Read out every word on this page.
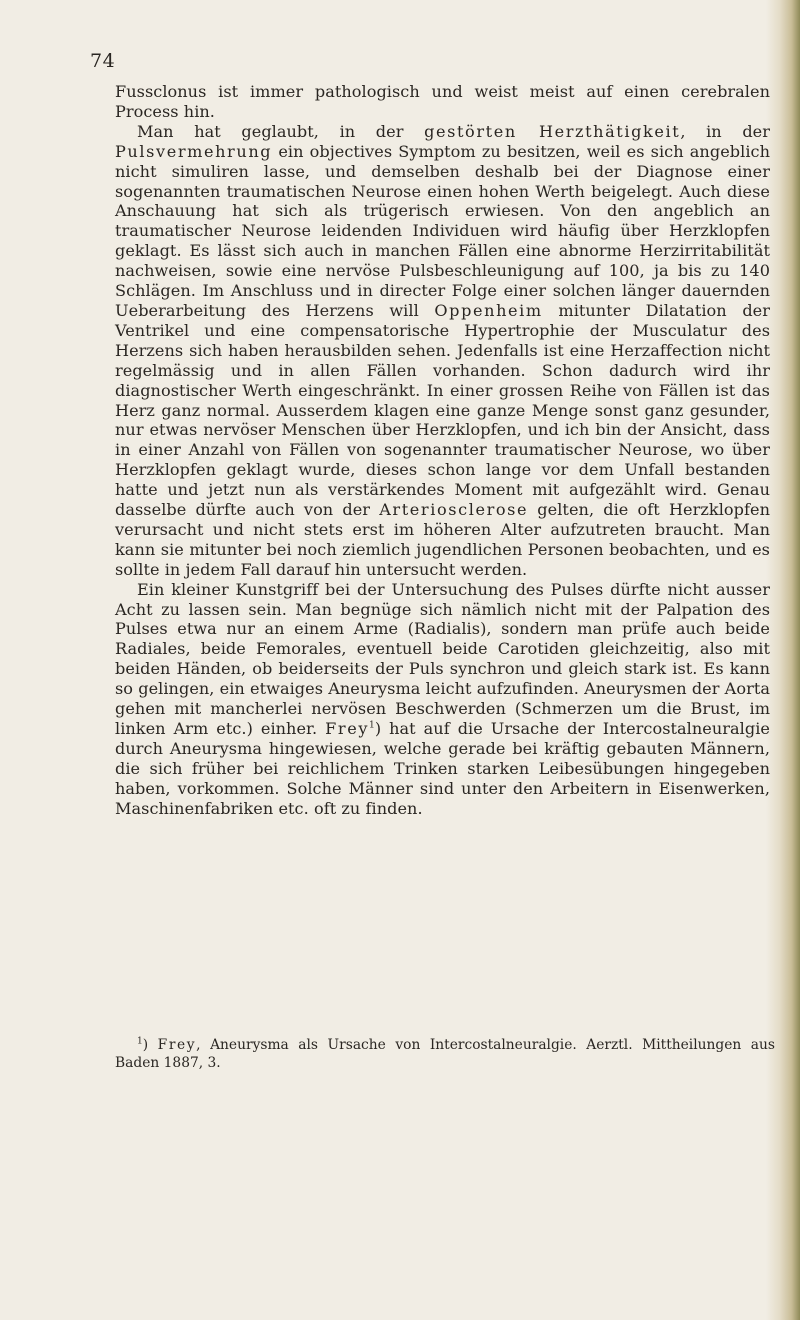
74

Fussclonus ist immer pathologisch und weist meist auf einen cerebralen Process hin.

Man hat geglaubt, in der gestörten Herzthätigkeit, in der Pulsvermehrung ein objectives Symptom zu besitzen, weil es sich angeblich nicht simuliren lasse, und demselben deshalb bei der Diagnose einer sogenannten traumatischen Neurose einen hohen Werth beigelegt. Auch diese Anschauung hat sich als trügerisch erwiesen. Von den angeblich an traumatischer Neurose leidenden Individuen wird häufig über Herzklopfen geklagt. Es lässt sich auch in manchen Fällen eine abnorme Herzirritabilität nachweisen, sowie eine nervöse Pulsbeschleunigung auf 100, ja bis zu 140 Schlägen. Im Anschluss und in directer Folge einer solchen länger dauernden Ueberarbeitung des Herzens will Oppenheim mitunter Dilatation der Ventrikel und eine compensatorische Hypertrophie der Musculatur des Herzens sich haben herausbilden sehen. Jedenfalls ist eine Herzaffection nicht regelmässig und in allen Fällen vorhanden. Schon dadurch wird ihr diagnostischer Werth eingeschränkt. In einer grossen Reihe von Fällen ist das Herz ganz normal. Ausserdem klagen eine ganze Menge sonst ganz gesunder, nur etwas nervöser Menschen über Herzklopfen, und ich bin der Ansicht, dass in einer Anzahl von Fällen von sogenannter traumatischer Neurose, wo über Herzklopfen geklagt wurde, dieses schon lange vor dem Unfall bestanden hatte und jetzt nun als verstärkendes Moment mit aufgezählt wird. Genau dasselbe dürfte auch von der Arteriosclerose gelten, die oft Herzklopfen verursacht und nicht stets erst im höheren Alter aufzutreten braucht. Man kann sie mitunter bei noch ziemlich jugendlichen Personen beobachten, und es sollte in jedem Fall darauf hin untersucht werden.

Ein kleiner Kunstgriff bei der Untersuchung des Pulses dürfte nicht ausser Acht zu lassen sein. Man begnüge sich nämlich nicht mit der Palpation des Pulses etwa nur an einem Arme (Radialis), sondern man prüfe auch beide Radiales, beide Femorales, eventuell beide Carotiden gleichzeitig, also mit beiden Händen, ob beiderseits der Puls synchron und gleich stark ist. Es kann so gelingen, ein etwaiges Aneurysma leicht aufzufinden. Aneurysmen der Aorta gehen mit mancherlei nervösen Beschwerden (Schmerzen um die Brust, im linken Arm etc.) einher. Frey$^1$) hat auf die Ursache der Intercostalneuralgie durch Aneurysma hingewiesen, welche gerade bei kräftig gebauten Männern, die sich früher bei reichlichem Trinken starken Leibesübungen hingegeben haben, vorkommen. Solche Männer sind unter den Arbeitern in Eisenwerken, Maschinenfabriken etc. oft zu finden.

$^1$) Frey, Aneurysma als Ursache von Intercostalneuralgie. Aerztl. Mittheilungen aus Baden 1887, 3.
